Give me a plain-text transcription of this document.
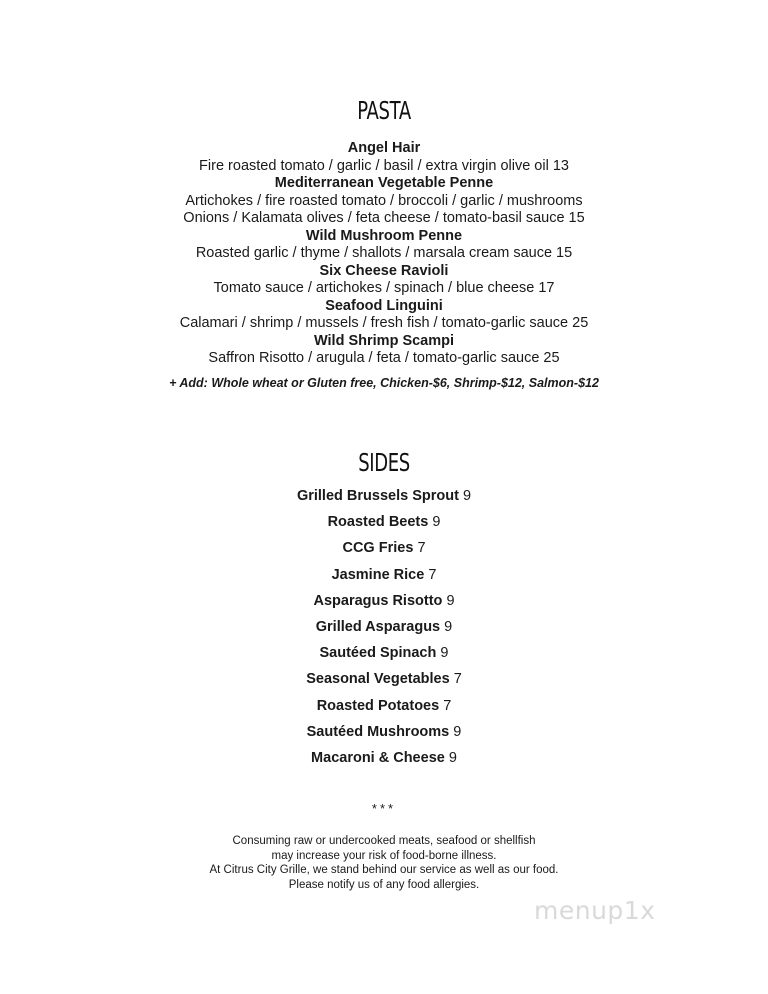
PASTA
Angel Hair
Fire roasted tomato / garlic / basil / extra virgin olive oil 13
Mediterranean Vegetable Penne
Artichokes / fire roasted tomato / broccoli / garlic / mushrooms
Onions / Kalamata olives / feta cheese / tomato-basil sauce 15
Wild Mushroom Penne
Roasted garlic / thyme / shallots / marsala cream sauce 15
Six Cheese Ravioli
Tomato sauce / artichokes / spinach / blue cheese 17
Seafood Linguini
Calamari / shrimp / mussels / fresh fish / tomato-garlic sauce 25
Wild Shrimp Scampi
Saffron Risotto / arugula / feta / tomato-garlic sauce 25
+ Add: Whole wheat or Gluten free, Chicken-$6, Shrimp-$12, Salmon-$12
SIDES
Grilled Brussels Sprout 9
Roasted Beets 9
CCG Fries 7
Jasmine Rice 7
Asparagus Risotto 9
Grilled Asparagus 9
Sautéed Spinach 9
Seasonal Vegetables 7
Roasted Potatoes 7
Sautéed Mushrooms 9
Macaroni & Cheese 9
***
Consuming raw or undercooked meats, seafood or shellfish
may increase your risk of food-borne illness.
At Citrus City Grille, we stand behind our service as well as our food.
Please notify us of any food allergies.
menup1x
